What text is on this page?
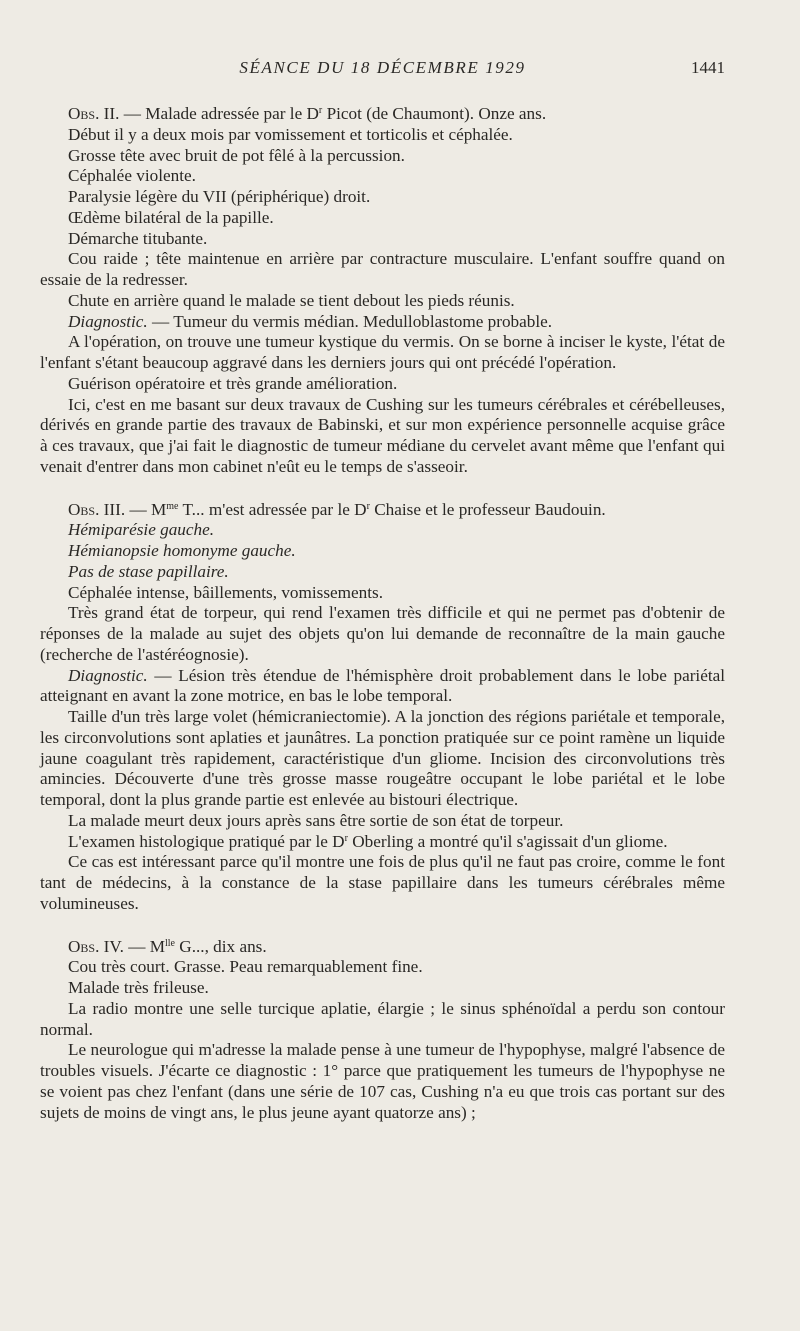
SÉANCE DU 18 DÉCEMBRE 1929	1441
Obs. II. — Malade adressée par le $D^r$ Picot (de Chaumont). Onze ans.
Début il y a deux mois par vomissement et torticolis et céphalée.
Grosse tête avec bruit de pot fêlé à la percussion.
Céphalée violente.
Paralysie légère du VII (périphérique) droit.
Œdème bilatéral de la papille.
Démarche titubante.

Cou raide ; tête maintenue en arrière par contracture musculaire. L'enfant souffre quand on essaie de la redresser.

Chute en arrière quand le malade se tient debout les pieds réunis.
Diagnostic. — Tumeur du vermis médian. Medulloblastome probable.

A l'opération, on trouve une tumeur kystique du vermis. On se borne à inciser le kyste, l'état de l'enfant s'étant beaucoup aggravé dans les derniers jours qui ont précédé l'opération.

Guérison opératoire et très grande amélioration.

Ici, c'est en me basant sur deux travaux de Cushing sur les tumeurs cérébrales et cérébelleuses, dérivés en grande partie des travaux de Babinski, et sur mon expérience personnelle acquise grâce à ces travaux, que j'ai fait le diagnostic de tumeur médiane du cervelet avant même que l'enfant qui venait d'entrer dans mon cabinet n'eût eu le temps de s'asseoir.

Obs. III. — $M^{me}$ T... m'est adressée par le $D^r$ Chaise et le professeur Baudouin.

Hémiparésie gauche.
Hémianopsie homonyme gauche.
Pas de stase papillaire.
Céphalée intense, bâillements, vomissements.

Très grand état de torpeur, qui rend l'examen très difficile et qui ne permet pas d'obtenir de réponses de la malade au sujet des objets qu'on lui demande de reconnaître de la main gauche (recherche de l'astéréognosie).

Diagnostic. — Lésion très étendue de l'hémisphère droit probablement dans le lobe pariétal atteignant en avant la zone motrice, en bas le lobe temporal.

Taille d'un très large volet (hémicraniectomie). A la jonction des régions pariétale et temporale, les circonvolutions sont aplaties et jaunâtres. La ponction pratiquée sur ce point ramène un liquide jaune coagulant très rapidement, caractéristique d'un gliome. Incision des circonvolutions très amincies. Découverte d'une très grosse masse rougeâtre occupant le lobe pariétal et le lobe temporal, dont la plus grande partie est enlevée au bistouri électrique.

La malade meurt deux jours après sans être sortie de son état de torpeur.

L'examen histologique pratiqué par le $D^r$ Oberling a montré qu'il s'agissait d'un gliome.

Ce cas est intéressant parce qu'il montre une fois de plus qu'il ne faut pas croire, comme le font tant de médecins, à la constance de la stase papillaire dans les tumeurs cérébrales même volumineuses.

Obs. IV. — $M^{lle}$ G..., dix ans.
Cou très court. Grasse. Peau remarquablement fine.
Malade très frileuse.

La radio montre une selle turcique aplatie, élargie ; le sinus sphénoïdal a perdu son contour normal.

Le neurologue qui m'adresse la malade pense à une tumeur de l'hypophyse, malgré l'absence de troubles visuels. J'écarte ce diagnostic : 1° parce que pratiquement les tumeurs de l'hypophyse ne se voient pas chez l'enfant (dans une série de 107 cas, Cushing n'a eu que trois cas portant sur des sujets de moins de vingt ans, le plus jeune ayant quatorze ans) ;
